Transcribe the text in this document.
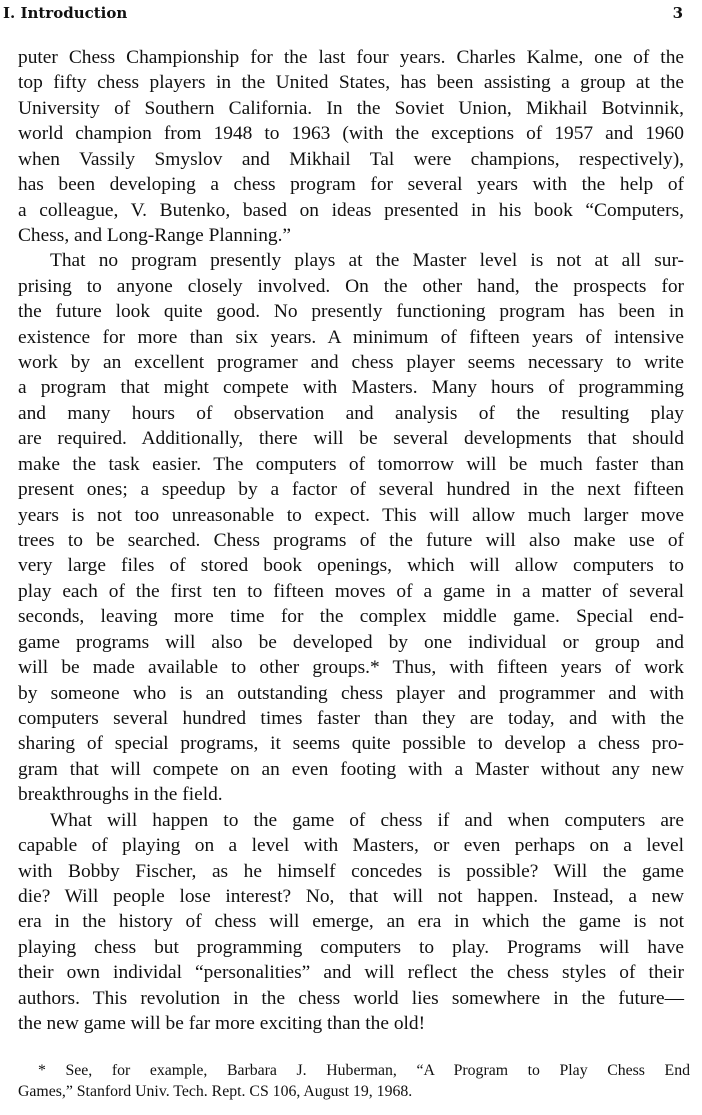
I. Introduction	3

puter Chess Championship for the last four years. Charles Kalme, one of the

top fifty chess players in the United States, has been assisting a group at the

University of Southern California. In the Soviet Union, Mikhail Botvinnik,

world champion from 1948 to 1963 (with the exceptions of 1957 and 1960

when Vassily Smyslov and Mikhail Tal were champions, respectively),

has been developing a chess program for several years with the help of

a colleague, V. Butenko, based on ideas presented in his book “Computers,

Chess, and Long-Range Planning.”

That no program presently plays at the Master level is not at all sur-

prising to anyone closely involved. On the other hand, the prospects for

the future look quite good. No presently functioning program has been in

existence for more than six years. A minimum of fifteen years of intensive

work by an excellent programer and chess player seems necessary to write

a program that might compete with Masters. Many hours of programming

and many hours of observation and analysis of the resulting play

are required. Additionally, there will be several developments that should

make the task easier. The computers of tomorrow will be much faster than

present ones; a speedup by a factor of several hundred in the next fifteen

years is not too unreasonable to expect. This will allow much larger move

trees to be searched. Chess programs of the future will also make use of

very large files of stored book openings, which will allow computers to

play each of the first ten to fifteen moves of a game in a matter of several

seconds, leaving more time for the complex middle game. Special end-

game programs will also be developed by one individual or group and

will be made available to other groups.* Thus, with fifteen years of work

by someone who is an outstanding chess player and programmer and with

computers several hundred times faster than they are today, and with the

sharing of special programs, it seems quite possible to develop a chess pro-

gram that will compete on an even footing with a Master without any new

breakthroughs in the field.

What will happen to the game of chess if and when computers are

capable of playing on a level with Masters, or even perhaps on a level

with Bobby Fischer, as he himself concedes is possible? Will the game

die? Will people lose interest? No, that will not happen. Instead, a new

era in the history of chess will emerge, an era in which the game is not

playing chess but programming computers to play. Programs will have

their own individal “personalities” and will reflect the chess styles of their

authors. This revolution in the chess world lies somewhere in the future—

the new game will be far more exciting than the old!

* See, for example, Barbara J. Huberman, “A Program to Play Chess End

Games,” Stanford Univ. Tech. Rept. CS 106, August 19, 1968.
